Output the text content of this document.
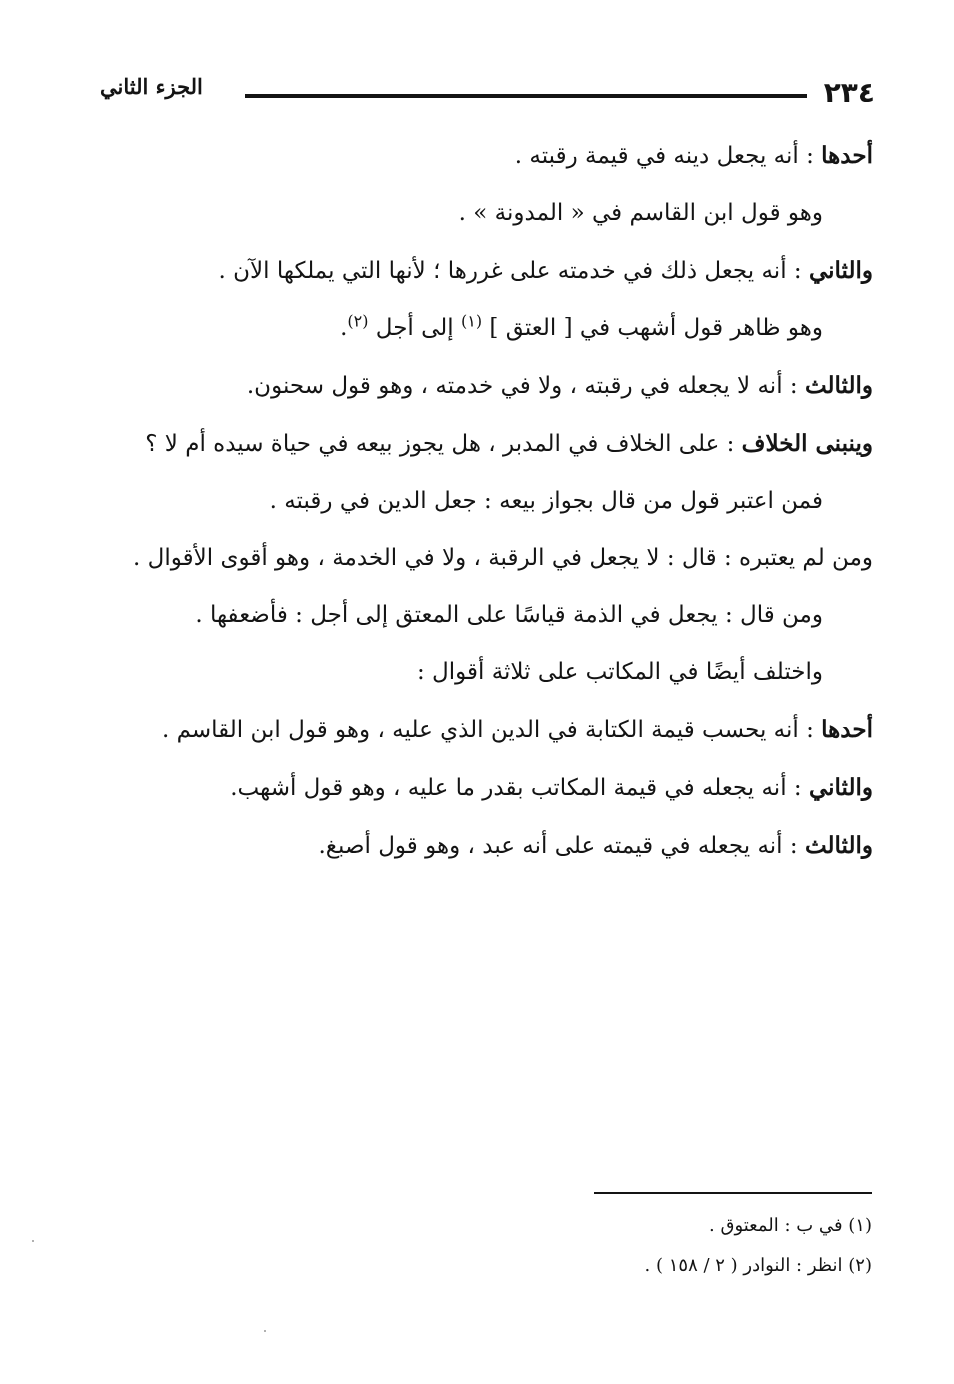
٢٣٤
الجزء الثاني

أحدها : أنه يجعل دينه في قيمة رقبته .

وهو قول ابن القاسم في « المدونة » .

والثاني : أنه يجعل ذلك في خدمته على غررها ؛ لأنها التي يملكها الآن .

وهو ظاهر قول أشهب في [ العتق ] $^{(١)}$ إلى أجل $^{(٢)}$.

والثالث : أنه لا يجعله في رقبته ، ولا في خدمته ، وهو قول سحنون.

وينبنى الخلاف : على الخلاف في المدبر ، هل يجوز بيعه في حياة سيده أم لا ؟

فمن اعتبر قول من قال بجواز بيعه : جعل الدين في رقبته .

ومن لم يعتبره : قال : لا يجعل في الرقبة ، ولا في الخدمة ، وهو أقوى الأقوال .

ومن قال : يجعل في الذمة قياسًا على المعتق إلى أجل : فأضعفها .

واختلف أيضًا في المكاتب على ثلاثة أقوال :

أحدها : أنه يحسب قيمة الكتابة في الدين الذي عليه ، وهو قول ابن القاسم .

والثاني : أنه يجعله في قيمة المكاتب بقدر ما عليه ، وهو قول أشهب.

والثالث : أنه يجعله في قيمته على أنه عبد ، وهو قول أصبغ.

(١) في ب : المعتوق .

(٢) انظر : النوادر ( ٢ / ١٥٨ ) .
